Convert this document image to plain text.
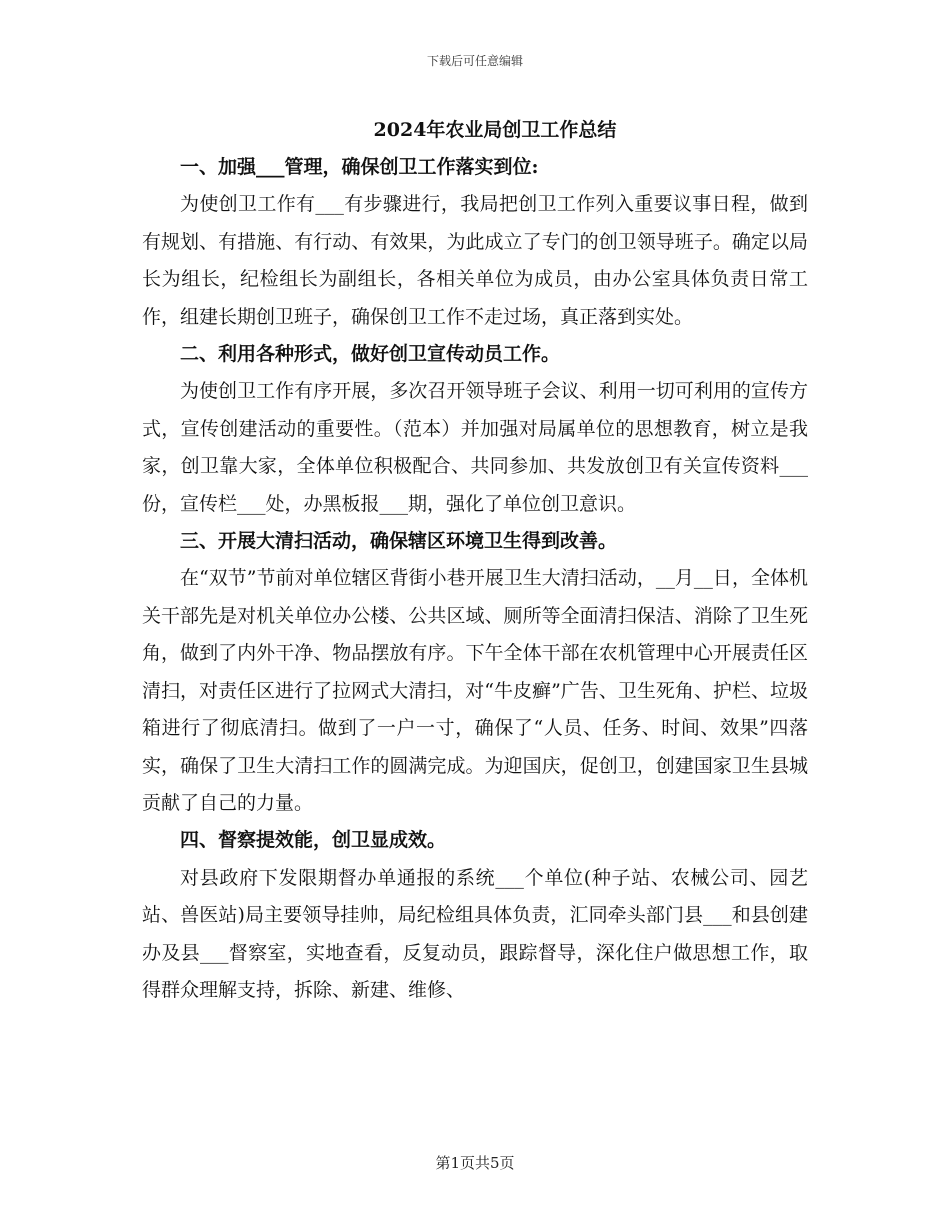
下载后可任意编辑

2024年农业局创卫工作总结

一、加强___管理，确保创卫工作落实到位:

为使创卫工作有___有步骤进行，我局把创卫工作列入重要议事日程，做到有规划、有措施、有行动、有效果，为此成立了专门的创卫领导班子。确定以局长为组长，纪检组长为副组长，各相关单位为成员，由办公室具体负责日常工作，组建长期创卫班子，确保创卫工作不走过场，真正落到实处。

二、利用各种形式，做好创卫宣传动员工作。

为使创卫工作有序开展，多次召开领导班子会议、利用一切可利用的宣传方式，宣传创建活动的重要性。（范本）并加强对局属单位的思想教育，树立是我家，创卫靠大家，全体单位积极配合、共同参加、共发放创卫有关宣传资料___份，宣传栏___处，办黑板报___期，强化了单位创卫意识。

三、开展大清扫活动，确保辖区环境卫生得到改善。

在“双节”节前对单位辖区背街小巷开展卫生大清扫活动，__月__日，全体机关干部先是对机关单位办公楼、公共区域、厕所等全面清扫保洁、消除了卫生死角，做到了内外干净、物品摆放有序。下午全体干部在农机管理中心开展责任区清扫，对责任区进行了拉网式大清扫，对“牛皮癣”广告、卫生死角、护栏、垃圾箱进行了彻底清扫。做到了一户一寸，确保了“人员、任务、时间、效果”四落实，确保了卫生大清扫工作的圆满完成。为迎国庆，促创卫，创建国家卫生县城贡献了自己的力量。

四、督察提效能，创卫显成效。

对县政府下发限期督办单通报的系统___个单位(种子站、农械公司、园艺站、兽医站)局主要领导挂帅，局纪检组具体负责，汇同牵头部门县___和县创建办及县___督察室，实地查看，反复动员，跟踪督导，深化住户做思想工作，取得群众理解支持，拆除、新建、维修、

第1页共5页
